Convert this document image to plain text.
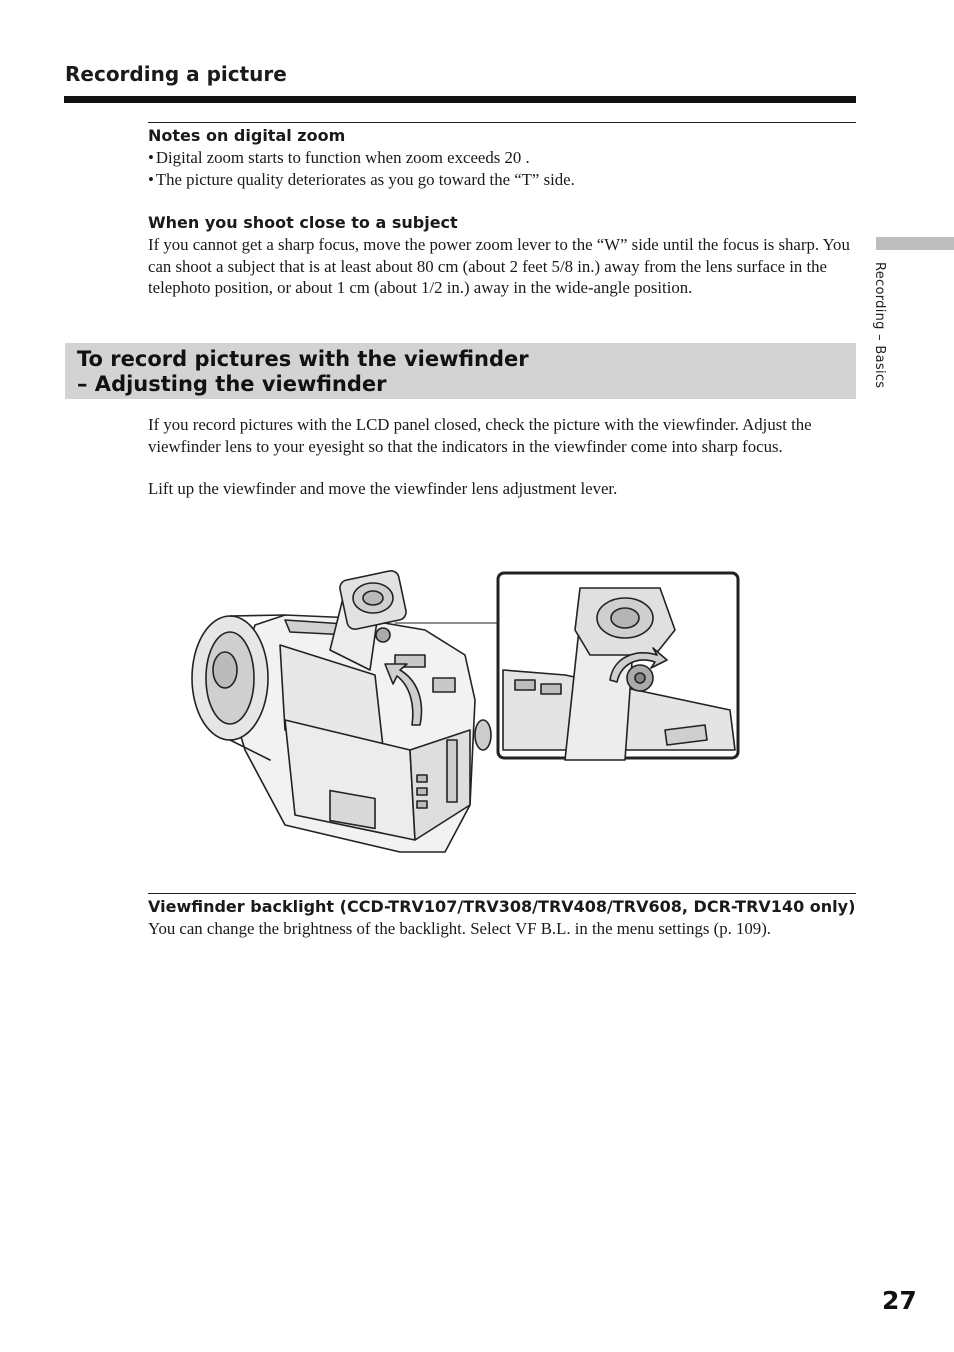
Recording a picture
Recording – Basics
Notes on digital zoom
• Digital zoom starts to function when zoom exceeds 20 .
• The picture quality deteriorates as you go toward the “T” side.
When you shoot close to a subject

If you cannot get a sharp focus, move the power zoom lever to the “W” side until the focus is sharp. You can shoot a subject that is at least about 80 cm (about 2 feet 5/8 in.) away from the lens surface in the telephoto position, or about 1 cm (about 1/2 in.) away in the wide-angle position.

To record pictures with the viewfinder
– Adjusting the viewfinder

If you record pictures with the LCD panel closed, check the picture with the viewfinder. Adjust the viewfinder lens to your eyesight so that the indicators in the viewfinder come into sharp focus.

Lift up the viewfinder and move the viewfinder lens adjustment lever.

Viewfinder backlight (CCD-TRV107/TRV308/TRV408/TRV608, DCR-TRV140 only)

You can change the brightness of the backlight. Select VF B.L. in the menu settings (p. 109).

27
